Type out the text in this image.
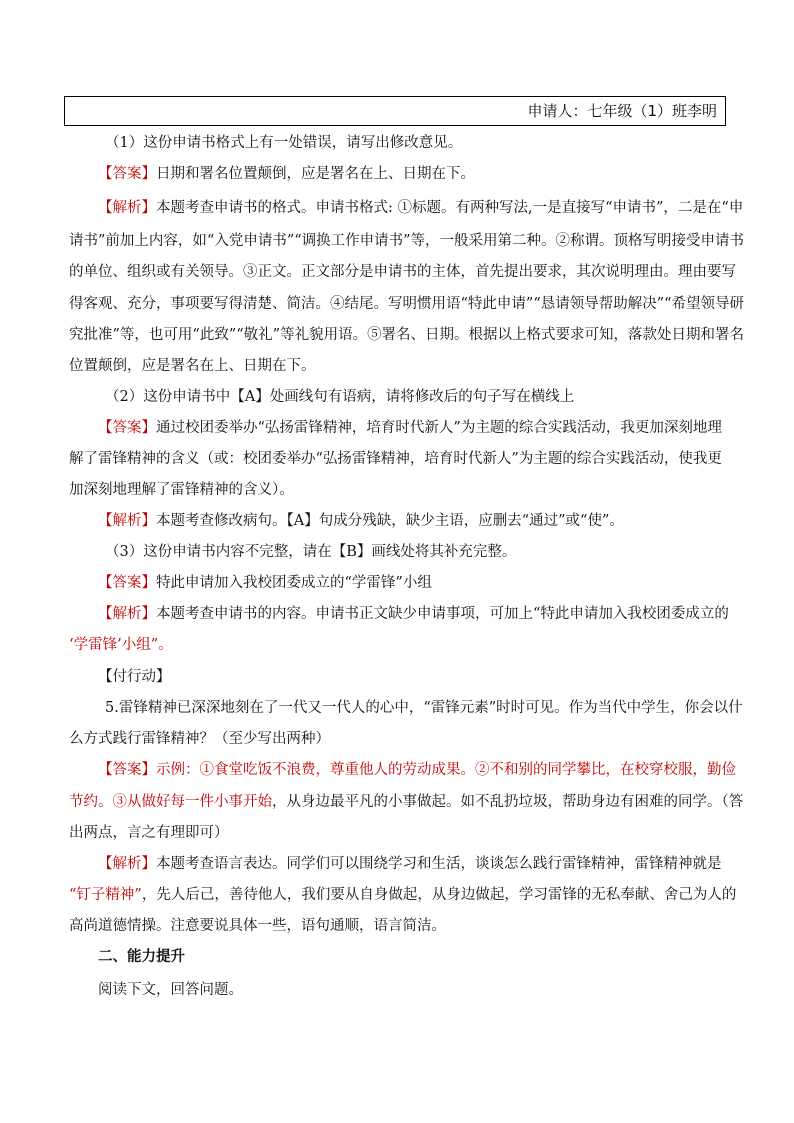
申请人：七年级（1）班李明
（1）这份申请书格式上有一处错误，请写出修改意见。
【答案】日期和署名位置颠倒，应是署名在上、日期在下。
【解析】本题考查申请书的格式。申请书格式: ①标题。有两种写法,一是直接写“申请书”，二是在“申
请书”前加上内容，如“入党申请书”“调换工作申请书”等，一般采用第二种。②称谓。顶格写明接受申请书
的单位、组织或有关领导。③正文。正文部分是申请书的主体，首先提出要求，其次说明理由。理由要写
得客观、充分，事项要写得清楚、简洁。④结尾。写明惯用语“特此申请”“恳请领导帮助解决”“希望领导研
究批准”等，也可用“此致”“敬礼”等礼貌用语。⑤署名、日期。根据以上格式要求可知，落款处日期和署名
位置颠倒，应是署名在上、日期在下。
（2）这份申请书中【A】处画线句有语病，请将修改后的句子写在横线上
【答案】通过校团委举办“弘扬雷锋精神，培育时代新人”为主题的综合实践活动，我更加深刻地理
解了雷锋精神的含义（或：校团委举办“弘扬雷锋精神，培育时代新人”为主题的综合实践活动，使我更
加深刻地理解了雷锋精神的含义）。
【解析】本题考查修改病句。【A】句成分残缺，缺少主语，应删去“通过”或“使”。
（3）这份申请书内容不完整，请在【B】画线处将其补充完整。
【答案】特此申请加入我校团委成立的“学雷锋”小组
【解析】本题考查申请书的内容。申请书正文缺少申请事项，可加上“特此申请加入我校团委成立的
‘学雷锋’小组”。
【付行动】
5.雷锋精神已深深地刻在了一代又一代人的心中，“雷锋元素”时时可见。作为当代中学生，你会以什
么方式践行雷锋精神？（至少写出两种）
【答案】示例：①食堂吃饭不浪费，尊重他人的劳动成果。②不和别的同学攀比，在校穿校服，勤俭
节约。③从做好每一件小事开始，从身边最平凡的小事做起。如不乱扔垃圾，帮助身边有困难的同学。（答
出两点，言之有理即可）
【解析】本题考查语言表达。同学们可以围绕学习和生活，谈谈怎么践行雷锋精神，雷锋精神就是
“钉子精神”，先人后己，善待他人，我们要从自身做起，从身边做起，学习雷锋的无私奉献、舍己为人的
高尚道德情操。注意要说具体一些，语句通顺，语言简洁。
二、能力提升
阅读下文，回答问题。
